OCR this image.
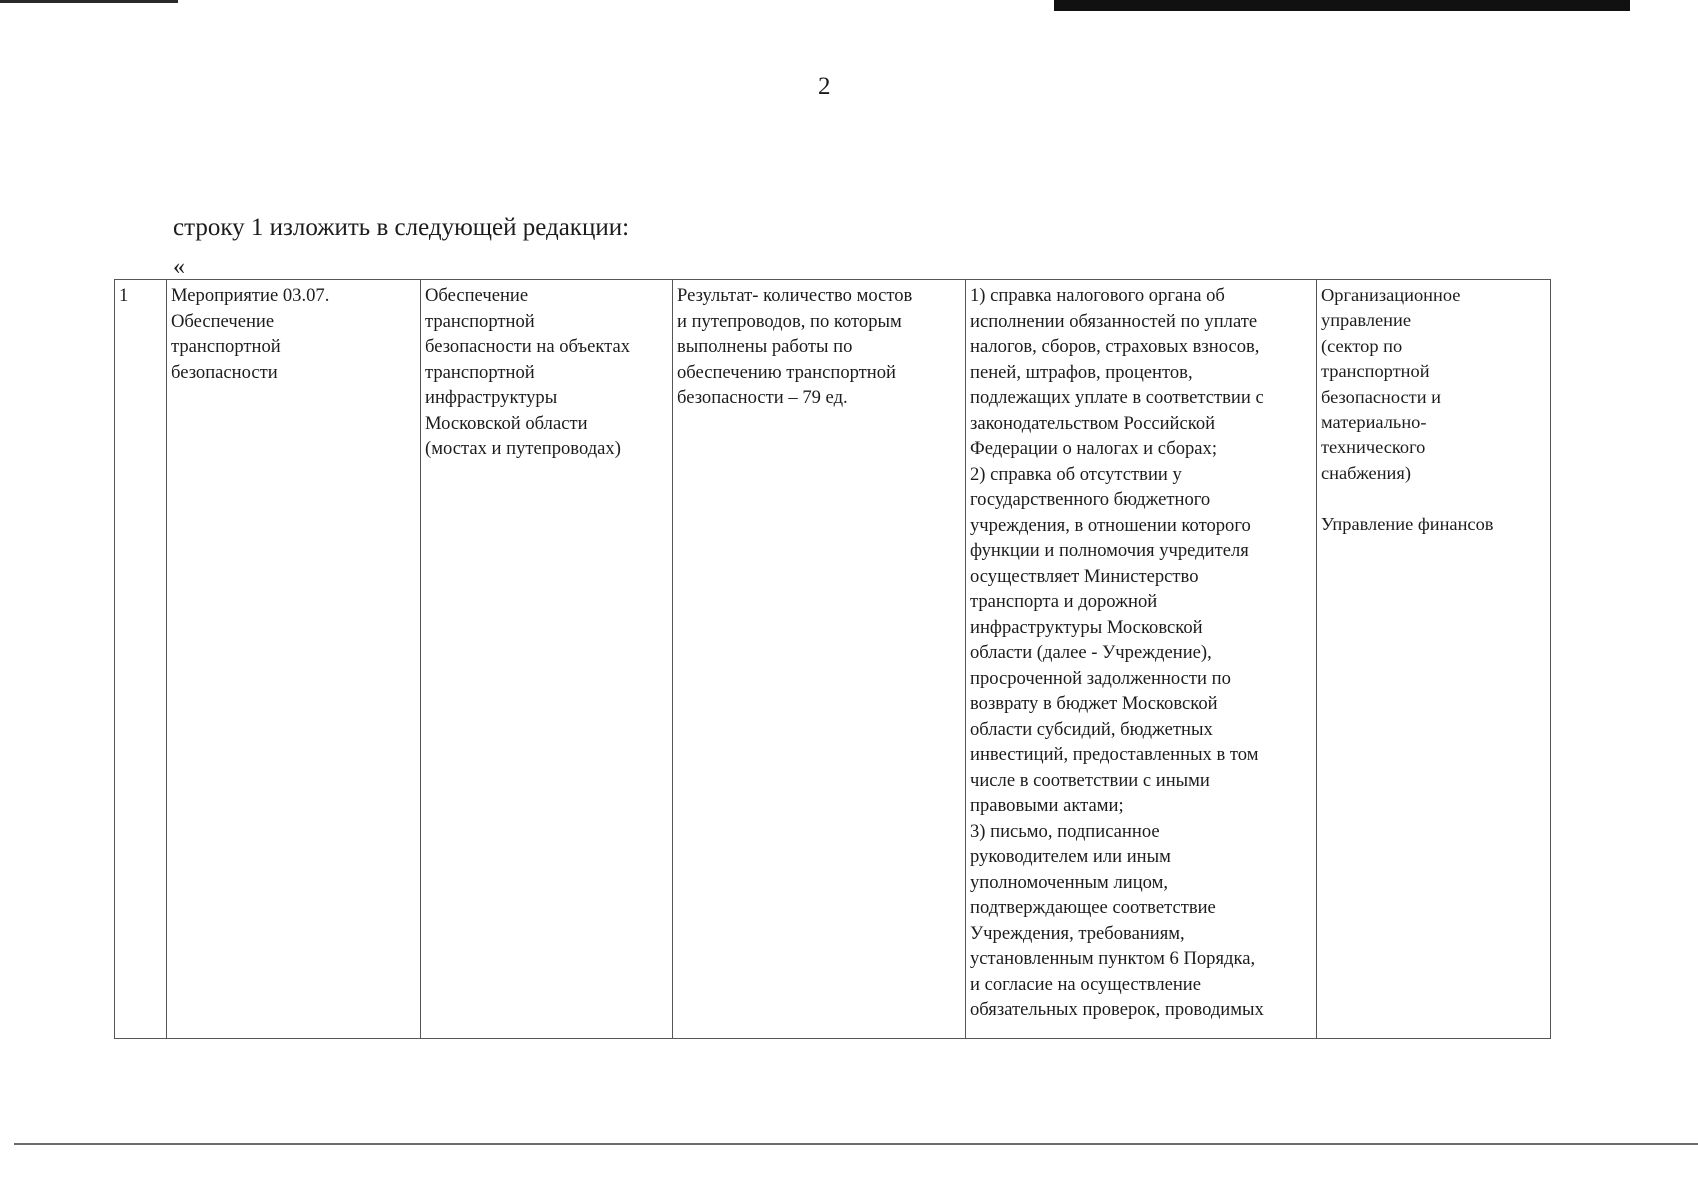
2
строку 1 изложить в следующей редакции:
«
1	Мероприятие 03.07.
Обеспечение
транспортной
безопасности	Обеспечение
транспортной
безопасности на объектах
транспортной
инфраструктуры
Московской области
(мостах и путепроводах)	Результат- количество мостов
и путепроводов, по которым
выполнены работы по
обеспечению транспортной
безопасности – 79 ед.	1) справка налогового органа об
исполнении обязанностей по уплате
налогов, сборов, страховых взносов,
пеней, штрафов, процентов,
подлежащих уплате в соответствии с
законодательством Российской
Федерации о налогах и сборах;
2) справка об отсутствии у
государственного бюджетного
учреждения, в отношении которого
функции и полномочия учредителя
осуществляет Министерство
транспорта и дорожной
инфраструктуры Московской
области (далее - Учреждение),
просроченной задолженности по
возврату в бюджет Московской
области субсидий, бюджетных
инвестиций, предоставленных в том
числе в соответствии с иными
правовыми актами;
3) письмо, подписанное
руководителем или иным
уполномоченным лицом,
подтверждающее соответствие
Учреждения, требованиям,
установленным пунктом 6 Порядка,
и согласие на осуществление
обязательных проверок, проводимых	Организационное
управление
(сектор по
транспортной
безопасности и
материально-
технического
снабжения)

Управление финансов
